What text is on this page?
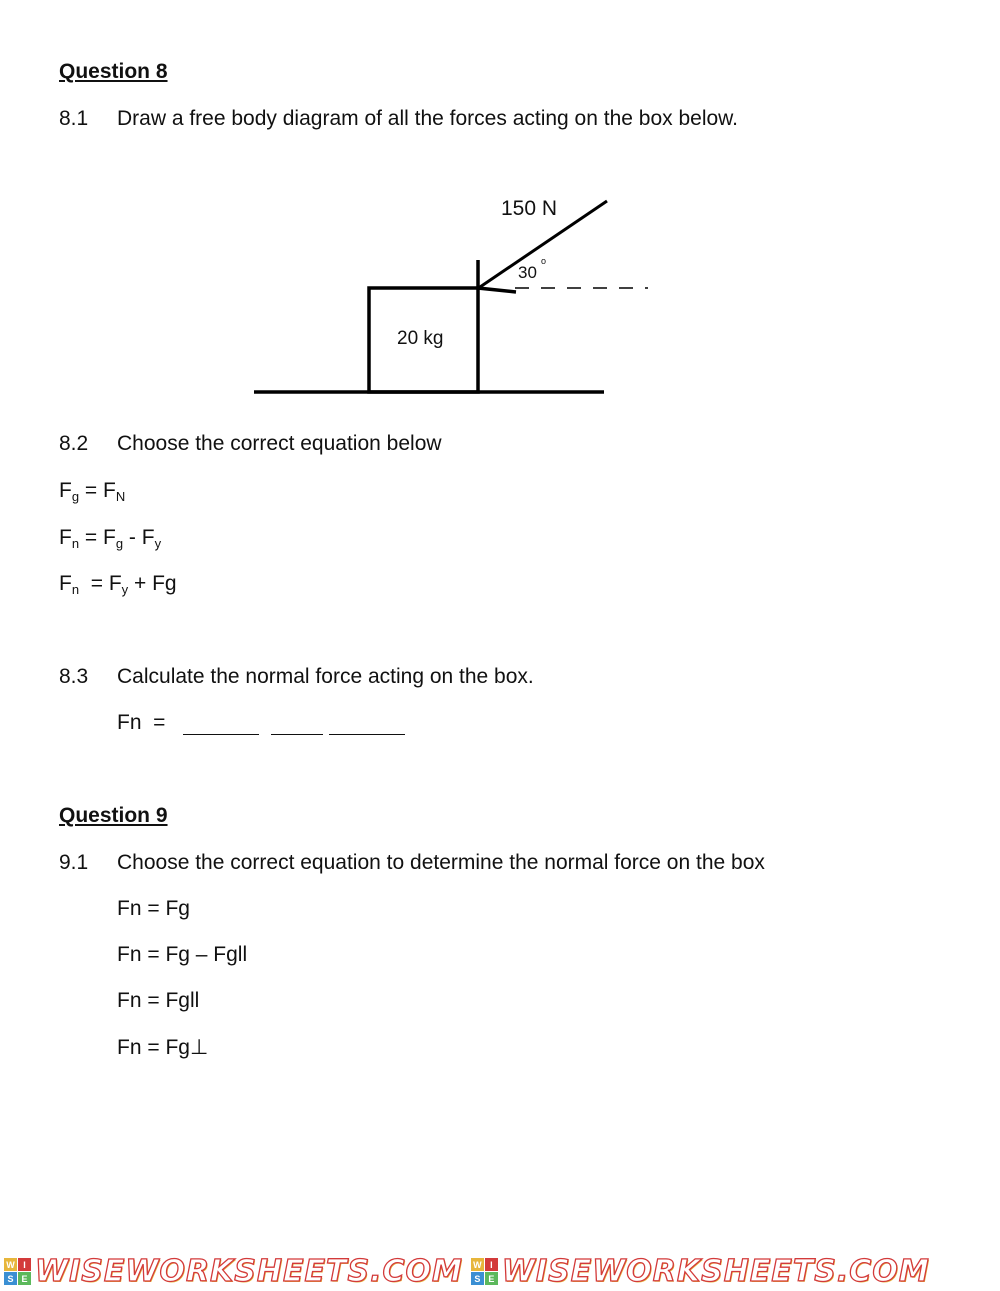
Question 8
8.1 Draw a free body diagram of all the forces acting on the box below.
150 N
30
o
20 kg
8.2 Choose the correct equation below
$F_g = F_N$
$F_n = F_g - F_y$
$F_n = F_y + Fg$
8.3 Calculate the normal force acting on the box.
Fn  =
Question 9
9.1 Choose the correct equation to determine the normal force on the box
Fn = Fg
Fn = Fg – Fgll
Fn = Fgll
Fn = Fg⊥
W I
S E WISEWORKSHEETS.COM W I
S E WISEWORKSHEETS.COM
